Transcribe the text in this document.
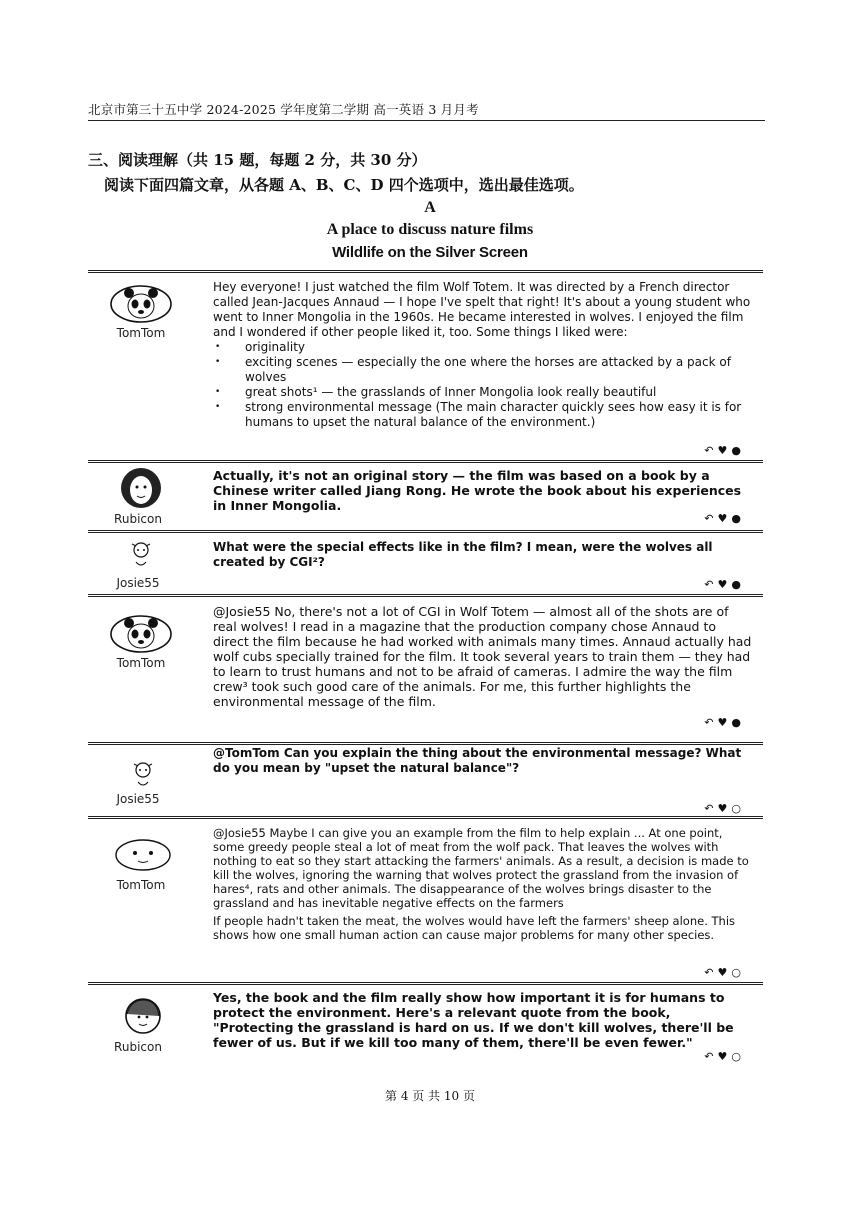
北京市第三十五中学 2024-2025 学年度第二学期 高一英语 3 月月考
三、阅读理解（共 15 题，每题 2 分，共 30 分）
阅读下面四篇文章，从各题 A、B、C、D 四个选项中，选出最佳选项。
A
A place to discuss nature films
Wildlife on the Silver Screen
TomTom

Hey everyone! I just watched the film Wolf Totem. It was directed by a French director called Jean-Jacques Annaud — I hope I've spelt that right! It's about a young student who went to Inner Mongolia in the 1960s. He became interested in wolves. I enjoyed the film and I wondered if other people liked it, too. Some things I liked were:

• originality
• exciting scenes — especially the one where the horses are attacked by a pack of wolves
• great shots¹ — the grasslands of Inner Mongolia look really beautiful
• strong environmental message (The main character quickly sees how easy it is for humans to upset the natural balance of the environment.)
↶♥●
Rubicon
Actually, it's not an original story — the film was based on a book by a Chinese writer called Jiang Rong. He wrote the book about his experiences in Inner Mongolia.
↶♥●
Josie55
What were the special effects like in the film? I mean, were the wolves all created by CGI²?
↶♥●
TomTom
@Josie55 No, there's not a lot of CGI in Wolf Totem — almost all of the shots are of real wolves! I read in a magazine that the production company chose Annaud to direct the film because he had worked with animals many times. Annaud actually had wolf cubs specially trained for the film. It took several years to train them — they had to learn to trust humans and not to be afraid of cameras. I admire the way the film crew³ took such good care of the animals. For me, this further highlights the environmental message of the film.
↶♥●
Josie55
@TomTom Can you explain the thing about the environmental message? What do you mean by "upset the natural balance"?
↶♥○
TomTom

@Josie55 Maybe I can give you an example from the film to help explain ... At one point, some greedy people steal a lot of meat from the wolf pack. That leaves the wolves with nothing to eat so they start attacking the farmers' animals. As a result, a decision is made to kill the wolves, ignoring the warning that wolves protect the grassland from the invasion of hares⁴, rats and other animals. The disappearance of the wolves brings disaster to the grassland and has inevitable negative effects on the farmers

If people hadn't taken the meat, the wolves would have left the farmers' sheep alone. This shows how one small human action can cause major problems for many other species.

↶♥○
Rubicon
Yes, the book and the film really show how important it is for humans to protect the environment. Here's a relevant quote from the book, "Protecting the grassland is hard on us. If we don't kill wolves, there'll be fewer of us. But if we kill too many of them, there'll be even fewer."
↶♥○
第 4 页 共 10 页
